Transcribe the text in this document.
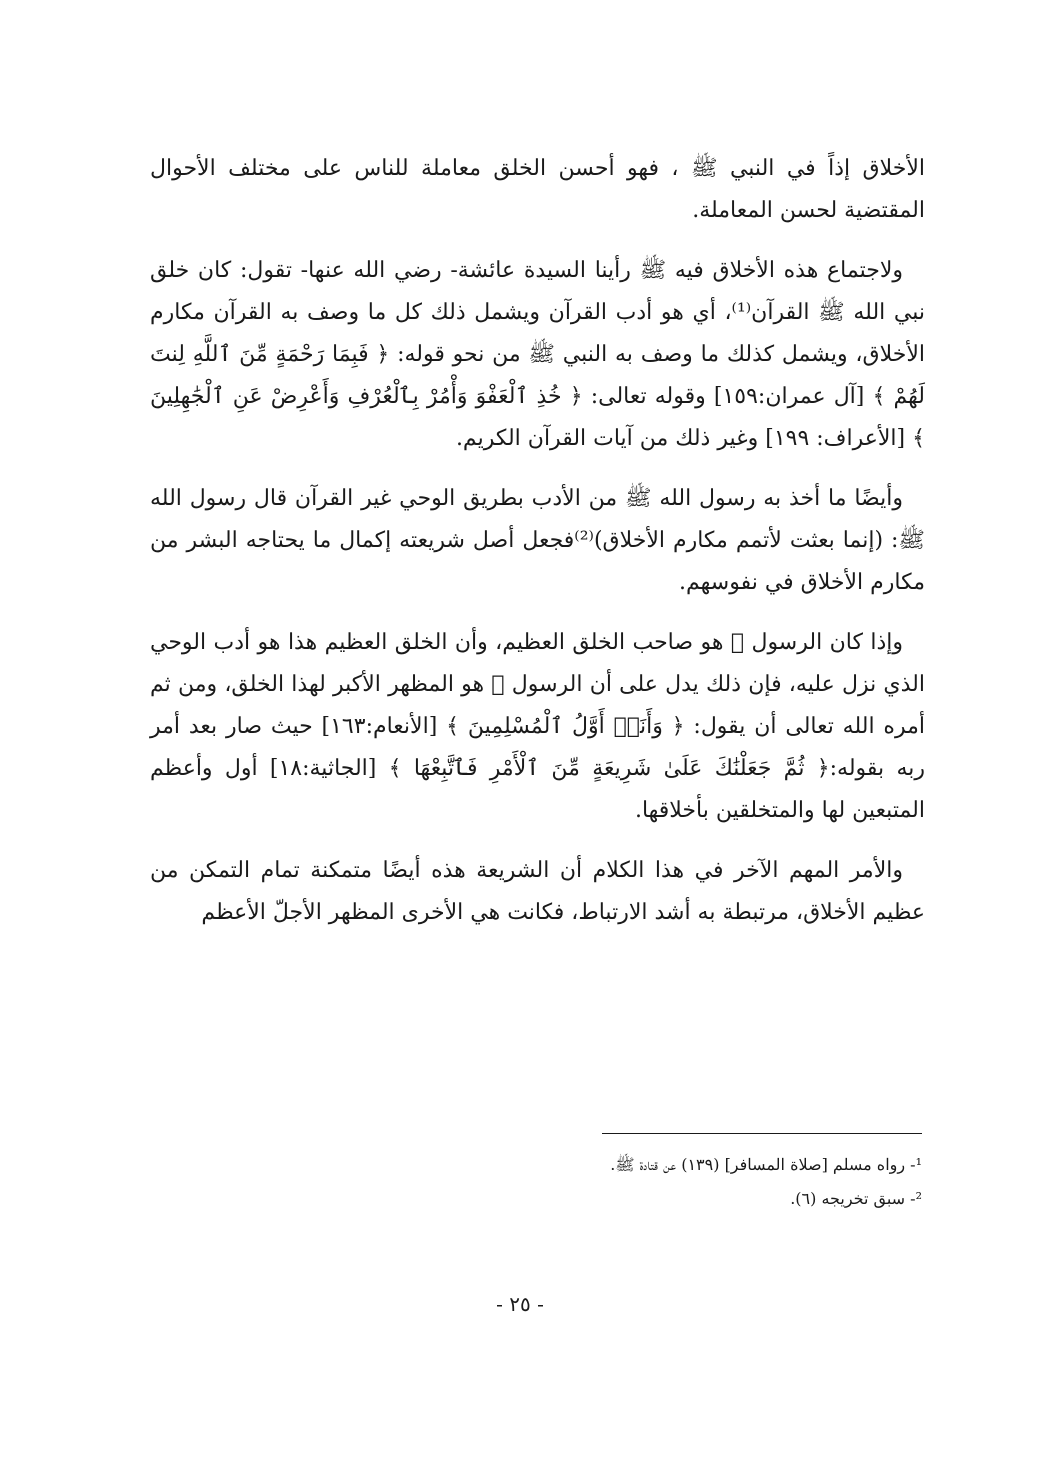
الأخلاق إذاً في النبي ﷺ ، فهو أحسن الخلق معاملة للناس على مختلف الأحوال المقتضية لحسن المعاملة.

ولاجتماع هذه الأخلاق فيه ﷺ رأينا السيدة عائشة- رضي الله عنها- تقول: كان خلق نبي الله ﷺ القرآن⁽¹⁾، أي هو أدب القرآن ويشمل ذلك كل ما وصف به القرآن مكارم الأخلاق، ويشمل كذلك ما وصف به النبي ﷺ من نحو قوله: ﴿ فَبِمَا رَحْمَةٍ مِّنَ ٱللَّهِ لِنتَ لَهُمْ ﴾ [آل عمران:١٥٩] وقوله تعالى: ﴿ خُذِ ٱلْعَفْوَ وَأْمُرْ بِٱلْعُرْفِ وَأَعْرِضْ عَنِ ٱلْجَٰهِلِينَ ﴾ [الأعراف: ١٩٩] وغير ذلك من آيات القرآن الكريم.

وأيضًا ما أخذ به رسول الله ﷺ من الأدب بطريق الوحي غير القرآن قال رسول الله ﷺ: (إنما بعثت لأتمم مكارم الأخلاق)⁽²⁾فجعل أصل شريعته إكمال ما يحتاجه البشر من مكارم الأخلاق في نفوسهم.

وإذا كان الرسول ﷺ هو صاحب الخلق العظيم، وأن الخلق العظيم هذا هو أدب الوحي الذي نزل عليه، فإن ذلك يدل على أن الرسول ﷺ هو المظهر الأكبر لهذا الخلق، ومن ثم أمره الله تعالى أن يقول: ﴿ وَأَنَا۠ أَوَّلُ ٱلْمُسْلِمِينَ ﴾ [الأنعام:١٦٣] حيث صار بعد أمر ربه بقوله:﴿ ثُمَّ جَعَلْنَٰكَ عَلَىٰ شَرِيعَةٍ مِّنَ ٱلْأَمْرِ فَٱتَّبِعْهَا ﴾ [الجاثية:١٨] أول وأعظم المتبعين لها والمتخلقين بأخلاقها.

والأمر المهم الآخر في هذا الكلام أن الشريعة هذه أيضًا متمكنة تمام التمكن من عظيم الأخلاق، مرتبطة به أشد الارتباط، فكانت هي الأخرى المظهر الأجلّ الأعظم

¹- رواه مسلم [صلاة المسافر] (١٣٩) عن قتادة ﷺ.

²- سبق تخريجه (٦).

- ٢٥ -
